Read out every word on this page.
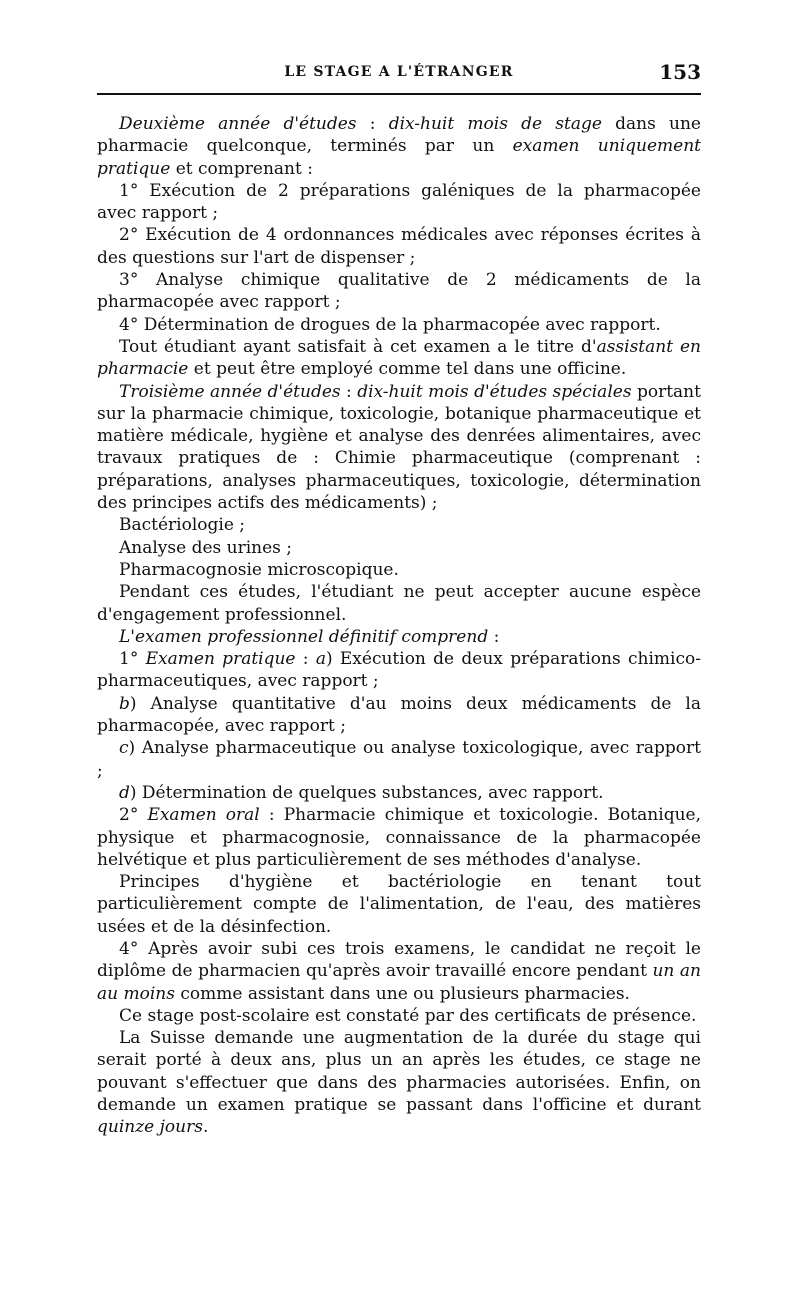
LE STAGE A L'ÉTRANGER	153

Deuxième année d'études : dix-huit mois de stage dans une pharmacie quelconque, terminés par un examen uniquement pratique et comprenant :

1° Exécution de 2 préparations galéniques de la pharmacopée avec rapport ;

2° Exécution de 4 ordonnances médicales avec réponses écrites à des questions sur l'art de dispenser ;

3° Analyse chimique qualitative de 2 médicaments de la pharmacopée avec rapport ;

4° Détermination de drogues de la pharmacopée avec rapport.

Tout étudiant ayant satisfait à cet examen a le titre d'assistant en pharmacie et peut être employé comme tel dans une officine.

Troisième année d'études : dix-huit mois d'études spéciales portant sur la pharmacie chimique, toxicologie, botanique pharmaceutique et matière médicale, hygiène et analyse des denrées alimentaires, avec travaux pratiques de : Chimie pharmaceutique (comprenant : préparations, analyses pharmaceutiques, toxicologie, détermination des principes actifs des médicaments) ;

Bactériologie ;

Analyse des urines ;

Pharmacognosie microscopique.

Pendant ces études, l'étudiant ne peut accepter aucune espèce d'engagement professionnel.

L'examen professionnel définitif comprend :

1° Examen pratique : a) Exécution de deux préparations chimico-pharmaceutiques, avec rapport ;

b) Analyse quantitative d'au moins deux médicaments de la pharmacopée, avec rapport ;

c) Analyse pharmaceutique ou analyse toxicologique, avec rapport ;

d) Détermination de quelques substances, avec rapport.

2° Examen oral : Pharmacie chimique et toxicologie. Botanique, physique et pharmacognosie, connaissance de la pharmacopée helvétique et plus particulièrement de ses méthodes d'analyse.

Principes d'hygiène et bactériologie en tenant tout particulièrement compte de l'alimentation, de l'eau, des matières usées et de la désinfection.

4° Après avoir subi ces trois examens, le candidat ne reçoit le diplôme de pharmacien qu'après avoir travaillé encore pendant un an au moins comme assistant dans une ou plusieurs pharmacies.

Ce stage post-scolaire est constaté par des certificats de présence.

La Suisse demande une augmentation de la durée du stage qui serait porté à deux ans, plus un an après les études, ce stage ne pouvant s'effectuer que dans des pharmacies autorisées. Enfin, on demande un examen pratique se passant dans l'officine et durant quinze jours.
